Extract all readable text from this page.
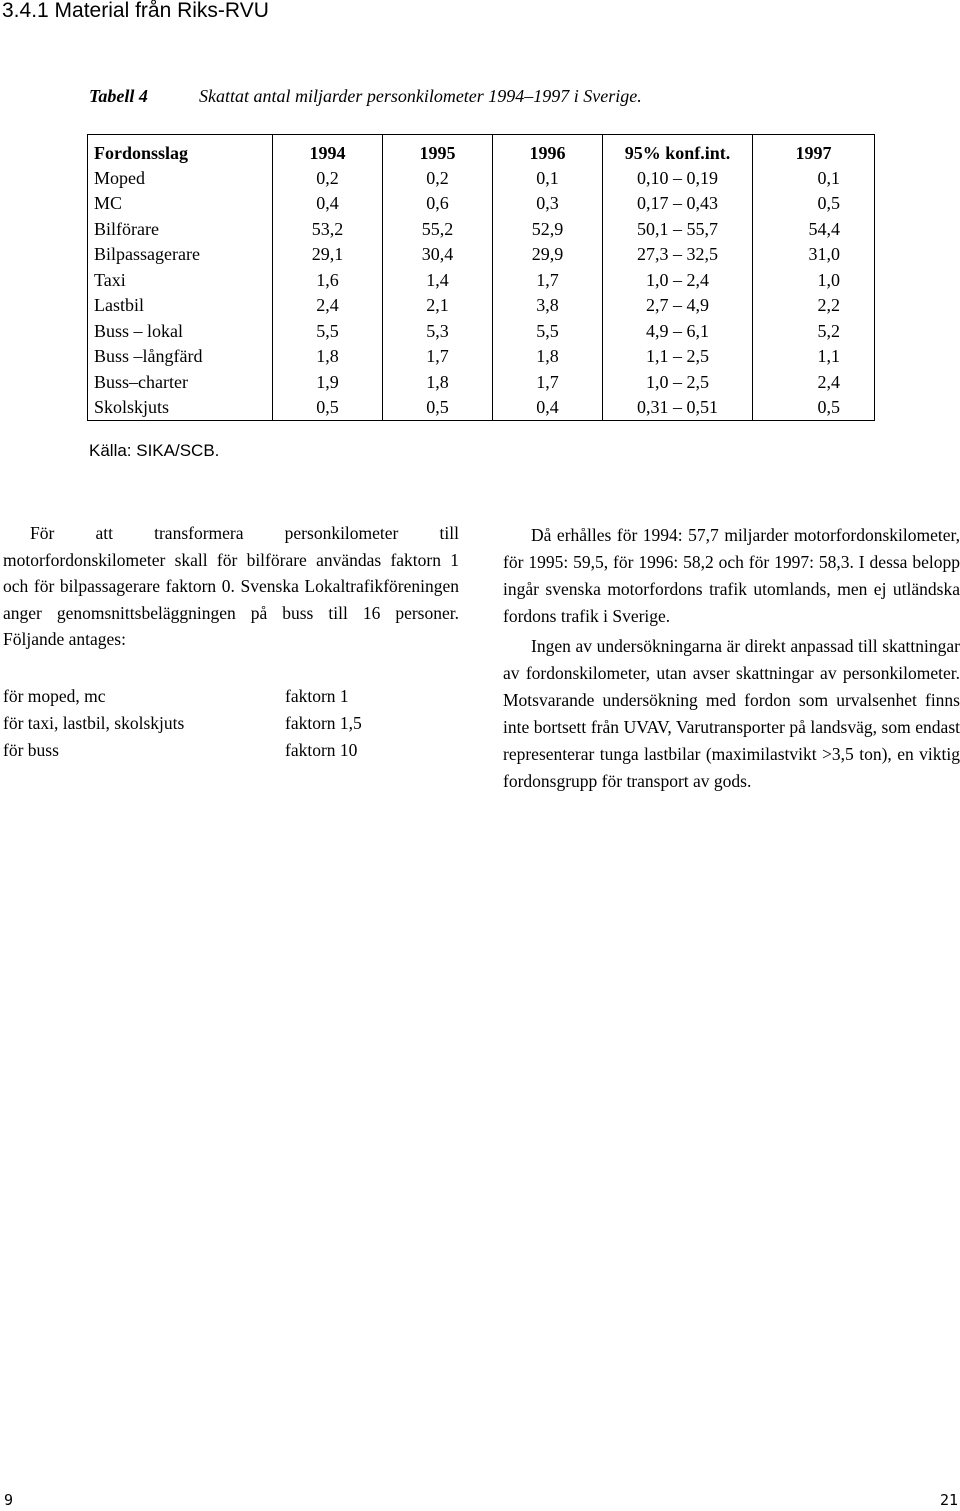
3.4.1 Material från Riks-RVU
Tabell 4	Skattat antal miljarder personkilometer 1994–1997 i Sverige.
Fordonsslag	1994	1995	1996	95% konf.int.	1997
Moped	0,2	0,2	0,1	0,10 – 0,19	0,1
MC	0,4	0,6	0,3	0,17 – 0,43	0,5
Bilförare	53,2	55,2	52,9	50,1 – 55,7	54,4
Bilpassagerare	29,1	30,4	29,9	27,3 – 32,5	31,0
Taxi	1,6	1,4	1,7	1,0 – 2,4	1,0
Lastbil	2,4	2,1	3,8	2,7 – 4,9	2,2
Buss – lokal	5,5	5,3	5,5	4,9 – 6,1	5,2
Buss –långfärd	1,8	1,7	1,8	1,1 – 2,5	1,1
Buss–charter	1,9	1,8	1,7	1,0 – 2,5	2,4
Skolskjuts	0,5	0,5	0,4	0,31 – 0,51	0,5
Källa: SIKA/SCB.

För att transformera personkilometer till motorfordonskilometer skall för bilförare användas faktorn 1 och för bilpassagerare faktorn 0. Svenska Lokaltrafikföreningen anger genomsnittsbeläggningen på buss till 16 personer. Följande antages:

för moped, mc	faktorn 1
för taxi, lastbil, skolskjuts	faktorn 1,5
för buss	faktorn 10

Då erhålles för 1994: 57,7 miljarder motorfordonskilometer, för 1995: 59,5, för 1996: 58,2 och för 1997: 58,3. I dessa belopp ingår svenska motorfordons trafik utomlands, men ej utländska fordons trafik i Sverige.

Ingen av undersökningarna är direkt anpassad till skattningar av fordonskilometer, utan avser skattningar av personkilometer. Motsvarande undersökning med fordon som urvalsenhet finns inte bortsett från UVAV, Varutransporter på landsväg, som endast representerar tunga lastbilar (maximilastvikt >3,5 ton), en viktig fordonsgrupp för transport av gods.

9	21
